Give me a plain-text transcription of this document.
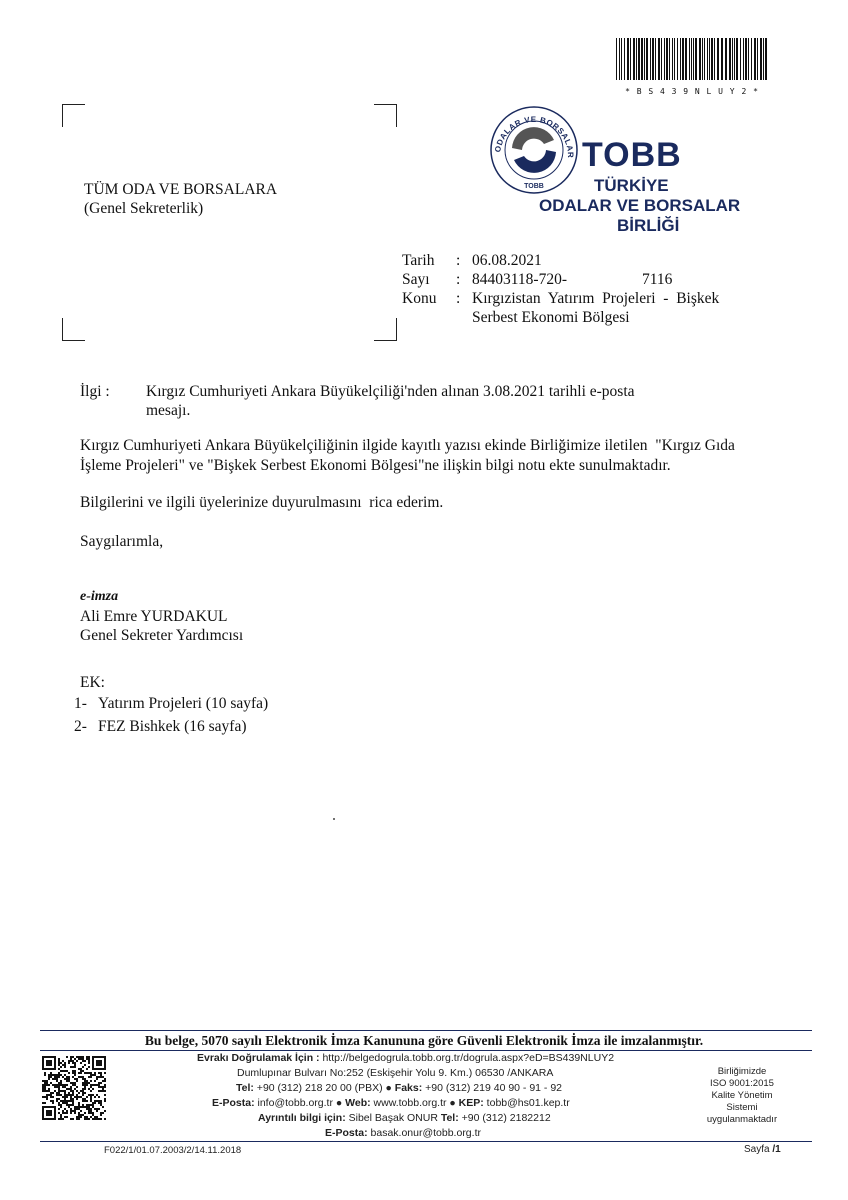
* B S 4 3 9 N L U Y 2 *
ODALAR VE BORSALAR
TOBB
TOBB
TÜRKİYE
ODALAR VE BORSALAR
BİRLİĞİ
TÜM ODA VE BORSALARA
(Genel Sekreterlik)
Tarih	: 06.08.2021
Sayı	: 84403118-720-	7116
Konu	: Kırgızistan  Yatırım  Projeleri  -  Bişkek
Serbest Ekonomi Bölgesi
İlgi : Kırgız Cumhuriyeti Ankara Büyükelçiliği'nden alınan 3.08.2021 tarihli e-posta
mesajı.
Kırgız Cumhuriyeti Ankara Büyükelçiliğinin ilgide kayıtlı yazısı ekinde Birliğimize iletilen  "Kırgız Gıda
İşleme Projeleri" ve "Bişkek Serbest Ekonomi Bölgesi"ne ilişkin bilgi notu ekte sunulmaktadır.
Bilgilerini ve ilgili üyelerinize duyurulmasını  rica ederim.
Saygılarımla,
e-imza
Ali Emre YURDAKUL
Genel Sekreter Yardımcısı
EK:
1- Yatırım Projeleri (10 sayfa)
2- FEZ Bishkek (16 sayfa)
Bu belge, 5070 sayılı Elektronik İmza Kanununa göre Güvenli Elektronik İmza ile imzalanmıştır.
Evrakı Doğrulamak İçin : http://belgedogrula.tobb.org.tr/dogrula.aspx?eD=BS439NLUY2
Dumlupınar Bulvarı No:252 (Eskişehir Yolu 9. Km.) 06530 /ANKARA
Tel: +90 (312) 218 20 00 (PBX) ● Faks: +90 (312) 219 40 90 - 91 - 92
E-Posta: info@tobb.org.tr ● Web: www.tobb.org.tr ● KEP: tobb@hs01.kep.tr
Ayrıntılı bilgi için: Sibel Başak ONUR Tel: +90 (312) 2182212
E-Posta: basak.onur@tobb.org.tr
Birliğimizde
ISO 9001:2015
Kalite Yönetim
Sistemi
uygulanmaktadır
F022/1/01.07.2003/2/14.11.2018	Sayfa /1
